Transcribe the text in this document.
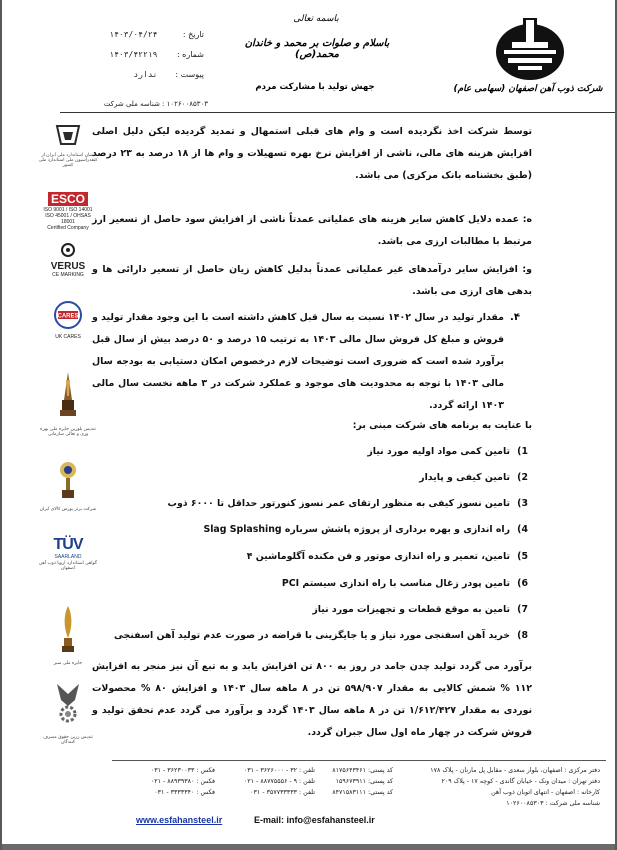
تاریخ : ۱۴۰۳/۰۴/۲۴
شماره : ۱۴۰۳/۴۲۲۱۹
پیوست : ندارد
۱۰۲۶۰۰۸۵۳۰۳ : شناسه ملی شرکت
باسمه تعالی
باسلام و صلوات بر محمد و خاندان محمد(ص)
جهش تولید با مشارکت مردم	شرکت ذوب آهن اصفهان (سهامی عام)
توسط شرکت اخذ نگردیده است و وام های قبلی استمهال و تمدید گردیده لیکن دلیل اصلی افزایش هزینه های مالی، ناشی از افزایش نرخ بهره تسهیلات و وام ها از ۱۸ درصد به ۲۳ درصد (طبق بخشنامه بانک مرکزی) می باشد.
ه: عمده دلایل کاهش سایر هزینه های عملیاتی عمدتاً ناشی از افزایش سود حاصل از تسعیر ارز مرتبط با مطالبات ارزی می باشد.
و: افزایش سایر درآمدهای غیر عملیاتی عمدتاً بدلیل کاهش زیان حاصل از تسعیر دارائی ها و بدهی های ارزی می باشد.
مقدار تولید در سال ۱۴۰۲ نسبت به سال قبل کاهش داشته است با این وجود مقدار تولید و فروش و مبلغ کل فروش سال مالی ۱۴۰۳ به ترتیب ۱۵ درصد و ۵۰ درصد بیش از سال قبل برآورد شده است که ضروری است توضیحات لازم درخصوص امکان دستیابی به بودجه سال مالی ۱۴۰۳ با توجه به محدودیت های موجود و عملکرد شرکت در ۳ ماهه نخست سال مالی ۱۴۰۳ ارائه گردد.
۴.
با عنایت به برنامه های شرکت مبنی بر:
1)تامین کمی مواد اولیه مورد نیاز
2)تامین کیفی و پایدار
3)تامین نسوز کیفی به منظور ارتقای عمر نسوز کنورتور حداقل تا ۶۰۰۰ ذوب
4)راه اندازی و بهره برداری از پروژه پاشش سرباره Slag Splashing
5)تامین، تعمیر و راه اندازی موتور و فن مکنده آگلوماشین ۴
6)تامین پودر زغال مناسب با راه اندازی سیستم PCI
7)تامین به موقع قطعات و تجهیزات مورد نیاز
8)خرید آهن اسفنجی مورد نیاز و یا جایگزینی با قراضه در صورت عدم تولید آهن اسفنجی
برآورد می گردد تولید چدن جامد در روز به ۸۰۰ تن افزایش یابد و به تبع آن نیز منجر به افزایش ۱۱۲ % شمش کالایی به مقدار ۵۹۸/۹۰۷ تن در ۸ ماهه سال ۱۴۰۳ و افزایش ۸۰ % محصولات نوردی به مقدار ۱/۶۱۲/۴۲۷ تن در ۸ ماهه سال ۱۴۰۳ گردد و برآورد می گردد عدم تحقق تولید و فروش شرکت در چهار ماه اول سال جبران گردد.
نشان استاندارد ملی ایران از کنفدراسیون ملی استاندارد ملی کشور
ESCO
ISO 9001 / ISO 14001
ISO 45001 / OHSAS 18001
Certified Company
VERUS
CE MARKING
CARES
UK CARES
تندیس بلورین جایزه ملی بهره وری و تعالی سازمانی
شرکت برتر بورس کالای ایران
TÜV
SAARLAND
گواهی استاندارد اروپا ذوب آهن اصفهان
جایزه ملی سبز
تندیس زرین حقوق مصرف کنندگان
دفتر مرکزی : اصفهان، بلوار سعدی - مقابل پل مارنان - پلاک ۱۷۸
دفتر تهران : میدان ونک - خیابان گاندی - کوچه ۱۷ - پلاک ۲۰۹
کارخانه : اصفهان - انتهای اتوبان ذوب آهن
شناسه ملی شرکت : ۱۰۲۶۰۰۸۵۳۰۳
کد پستی: ۸۱۷۵۶۴۳۴۶۱
کد پستی: ۱۵۹۶۷۳۹۱۱
کد پستی: ۸۴۷۱۵۸۳۱۱۱
تلفن : ۳۲ - ۳۶۲۶۰۰۰ - ۰۳۱
تلفن : ۹ - ۸۸۷۷۵۵۵۶ - ۰۲۱
تلفن : ۳۵۷۷۳۳۳۳۳ - ۰۳۱
فکس : ۳۶۲۳۰۰۳۳ - ۰۳۱
فکس : ۸۸۹۳۹۳۸۰ - ۰۲۱
فکس : ۳۳۳۳۳۴۰ - ۰۳۱
www.esfahansteel.ir	E-mail: info@esfahansteel.ir
